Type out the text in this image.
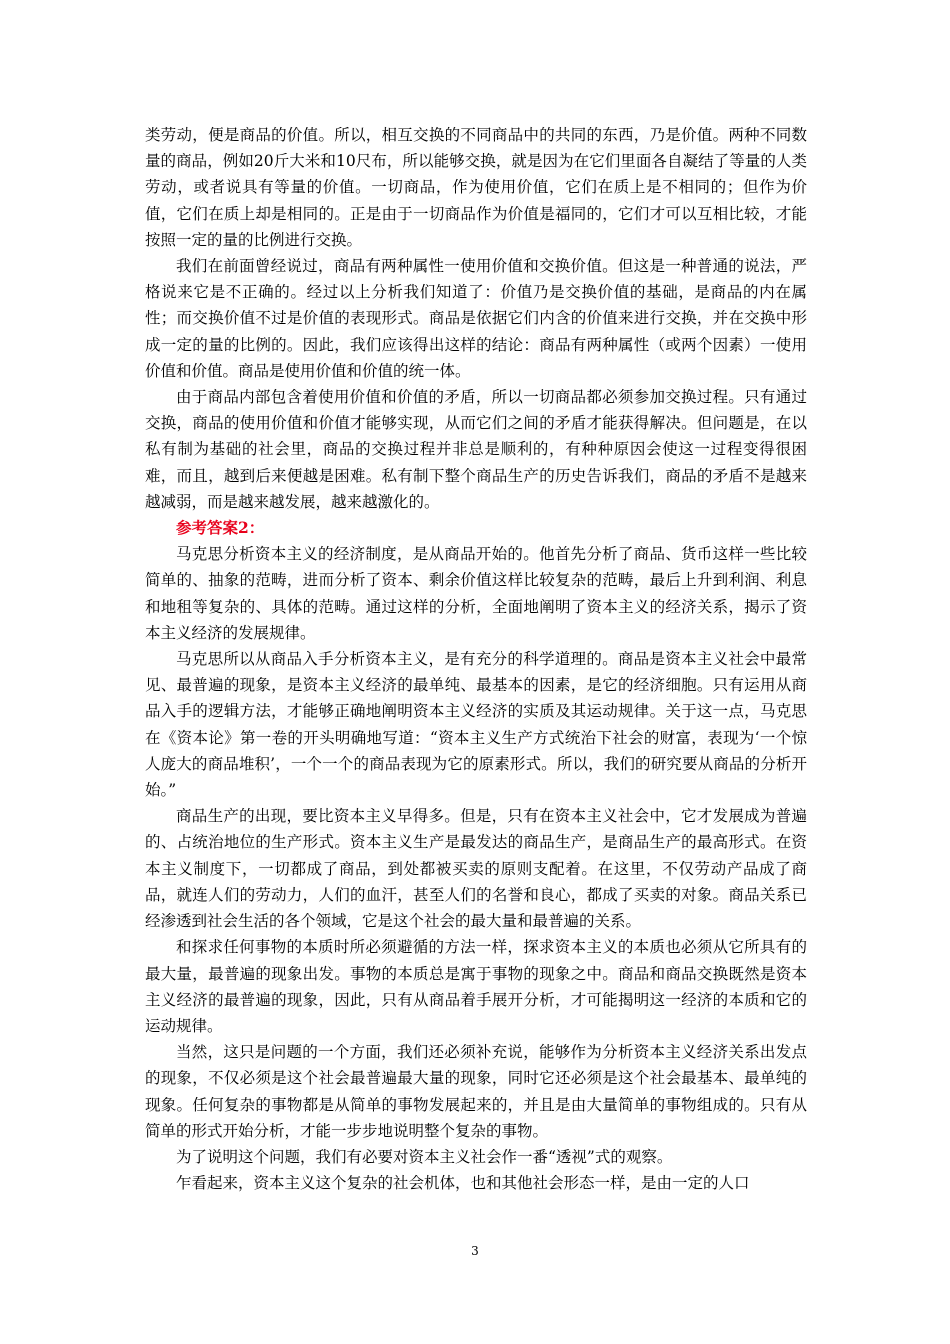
类劳动，便是商品的价值。所以，相互交换的不同商品中的共同的东西，乃是价值。两种不同数量的商品，例如20斤大米和10尺布，所以能够交换，就是因为在它们里面各自凝结了等量的人类劳动，或者说具有等量的价值。一切商品，作为使用价值，它们在质上是不相同的；但作为价值，它们在质上却是相同的。正是由于一切商品作为价值是福同的，它们才可以互相比较，才能按照一定的量的比例进行交换。

我们在前面曾经说过，商品有两种属性一使用价值和交换价值。但这是一种普通的说法，严格说来它是不正确的。经过以上分析我们知道了：价值乃是交换价值的基础，是商品的内在属性；而交换价值不过是价值的表现形式。商品是依据它们内含的价值来进行交换，并在交换中形成一定的量的比例的。因此，我们应该得出这样的结论：商品有两种属性（或两个因素）一使用价值和价值。商品是使用价值和价值的统一体。

由于商品内部包含着使用价值和价值的矛盾，所以一切商品都必须参加交换过程。只有通过交换，商品的使用价值和价值才能够实现，从而它们之间的矛盾才能获得解决。但问题是，在以私有制为基础的社会里，商品的交换过程并非总是顺利的，有种种原因会使这一过程变得很困难，而且，越到后来便越是困难。私有制下整个商品生产的历史告诉我们，商品的矛盾不是越来越减弱，而是越来越发展，越来越激化的。

参考答案2：

马克思分析资本主义的经济制度，是从商品开始的。他首先分析了商品、货币这样一些比较简单的、抽象的范畴，进而分析了资本、剩余价值这样比较复杂的范畴，最后上升到利润、利息和地租等复杂的、具体的范畴。通过这样的分析，全面地阐明了资本主义的经济关系，揭示了资本主义经济的发展规律。

马克思所以从商品入手分析资本主义，是有充分的科学道理的。商品是资本主义社会中最常见、最普遍的现象，是资本主义经济的最单纯、最基本的因素，是它的经济细胞。只有运用从商品入手的逻辑方法，才能够正确地阐明资本主义经济的实质及其运动规律。关于这一点，马克思在《资本论》第一卷的开头明确地写道：“资本主义生产方式统治下社会的财富，表现为‘一个惊人庞大的商品堆积’，一个一个的商品表现为它的原素形式。所以，我们的研究要从商品的分析开始。”

商品生产的出现，要比资本主义早得多。但是，只有在资本主义社会中，它才发展成为普遍的、占统治地位的生产形式。资本主义生产是最发达的商品生产，是商品生产的最高形式。在资本主义制度下，一切都成了商品，到处都被买卖的原则支配着。在这里，不仅劳动产品成了商品，就连人们的劳动力，人们的血汗，甚至人们的名誉和良心，都成了买卖的对象。商品关系已经渗透到社会生活的各个领域，它是这个社会的最大量和最普遍的关系。

和探求任何事物的本质时所必须避循的方法一样，探求资本主义的本质也必须从它所具有的最大量，最普遍的现象出发。事物的本质总是寓于事物的现象之中。商品和商品交换既然是资本主义经济的最普遍的现象，因此，只有从商品着手展开分析，才可能揭明这一经济的本质和它的运动规律。

当然，这只是问题的一个方面，我们还必须补充说，能够作为分析资本主义经济关系出发点的现象，不仅必须是这个社会最普遍最大量的现象，同时它还必须是这个社会最基本、最单纯的现象。任何复杂的事物都是从简单的事物发展起来的，并且是由大量简单的事物组成的。只有从简单的形式开始分析，才能一步步地说明整个复杂的事物。

为了说明这个问题，我们有必要对资本主义社会作一番“透视”式的观察。

乍看起来，资本主义这个复杂的社会机体，也和其他社会形态一样，是由一定的人口

3
